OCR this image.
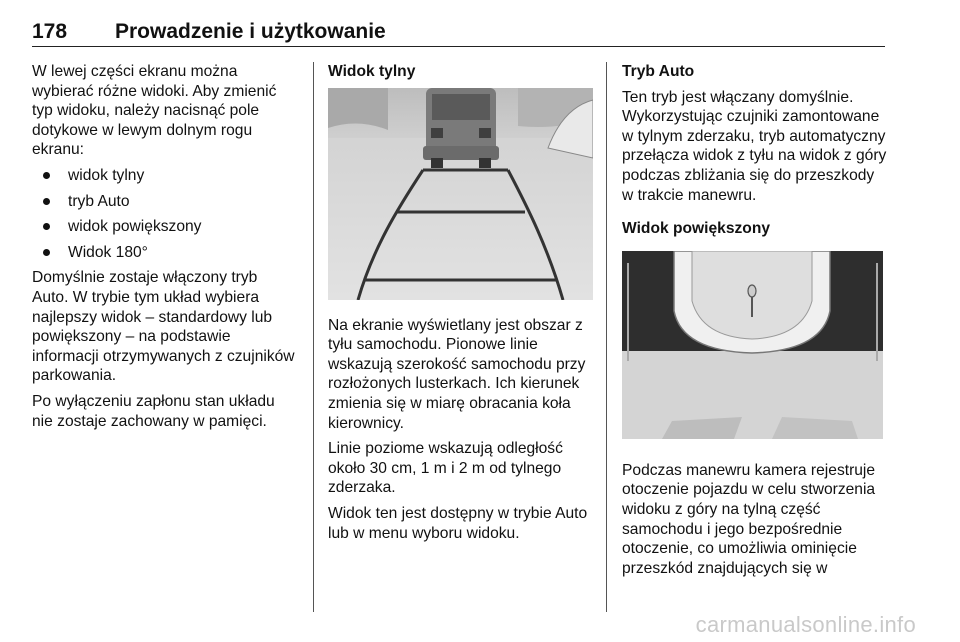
178 Prowadzenie i użytkowanie

W lewej części ekranu można wybierać różne widoki. Aby zmienić typ widoku, należy nacisnąć pole dotykowe w lewym dolnym rogu ekranu:

widok tylny
tryb Auto
widok powiększony
Widok 180°

Domyślnie zostaje włączony tryb Auto. W trybie tym układ wybiera najlepszy widok – standardowy lub powiększony – na podstawie informacji otrzymywanych z czujników parkowania.

Po wyłączeniu zapłonu stan układu nie zostaje zachowany w pamięci.

Widok tylny

Na ekranie wyświetlany jest obszar z tyłu samochodu. Pionowe linie wskazują szerokość samochodu przy rozłożonych lusterkach. Ich kierunek zmienia się w miarę obracania koła kierownicy.

Linie poziome wskazują odległość około 30 cm, 1 m i 2 m od tylnego zderzaka.

Widok ten jest dostępny w trybie Auto lub w menu wyboru widoku.

Tryb Auto

Ten tryb jest włączany domyślnie. Wykorzystując czujniki zamontowane w tylnym zderzaku, tryb automatyczny przełącza widok z tyłu na widok z góry podczas zbliżania się do przeszkody w trakcie manewru.

Widok powiększony

Podczas manewru kamera rejestruje otoczenie pojazdu w celu stworzenia widoku z góry na tylną część samochodu i jego bezpośrednie otoczenie, co umożliwia ominięcie przeszkód znajdujących się w

carmanualsonline.info
